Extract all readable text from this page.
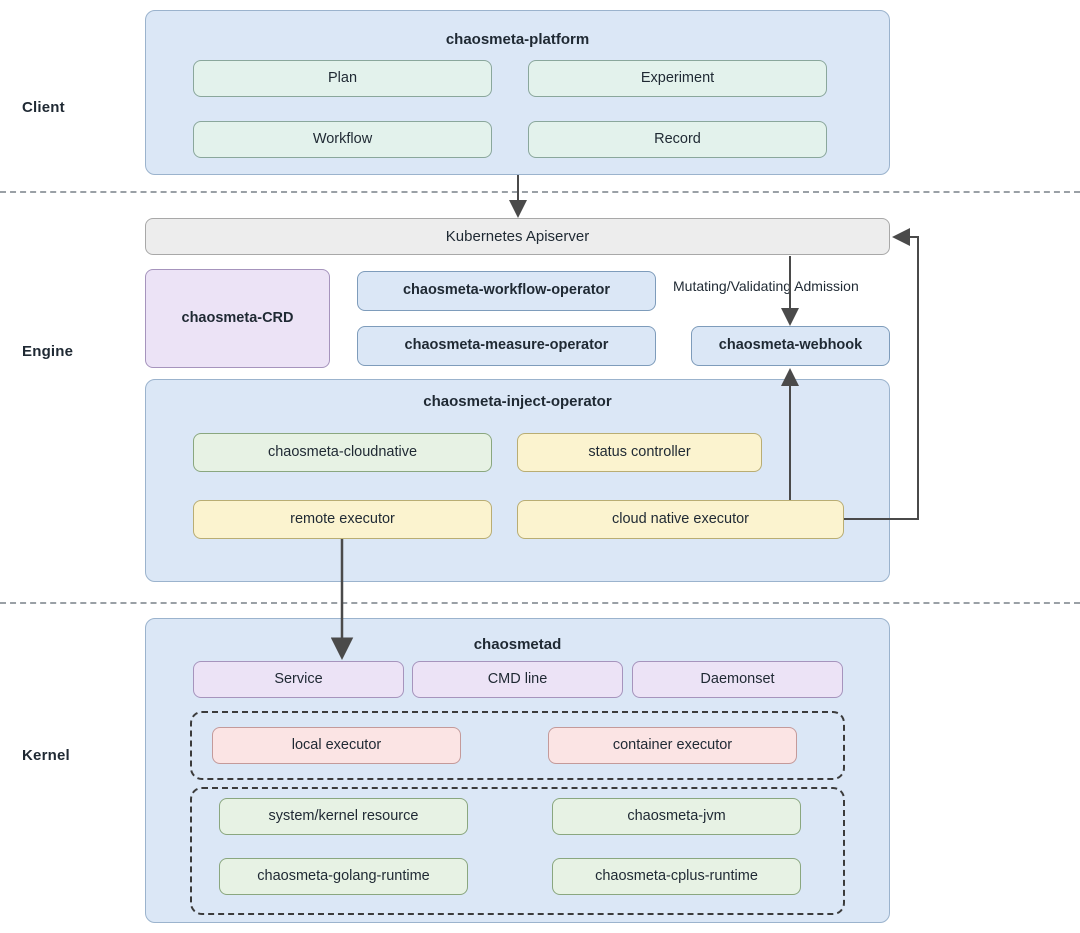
Client
Engine
Kernel
chaosmeta-platform
Plan	Experiment
Workflow	Record
Kubernetes Apiserver
chaosmeta-CRD
chaosmeta-workflow-operator
chaosmeta-measure-operator	chaosmeta-webhook
Mutating/Validating Admission
chaosmeta-inject-operator
chaosmeta-cloudnative	status controller
remote executor	cloud native executor
chaosmetad
Service	CMD line	Daemonset
local executor	container executor
system/kernel resource	chaosmeta-jvm
chaosmeta-golang-runtime	chaosmeta-cplus-runtime
